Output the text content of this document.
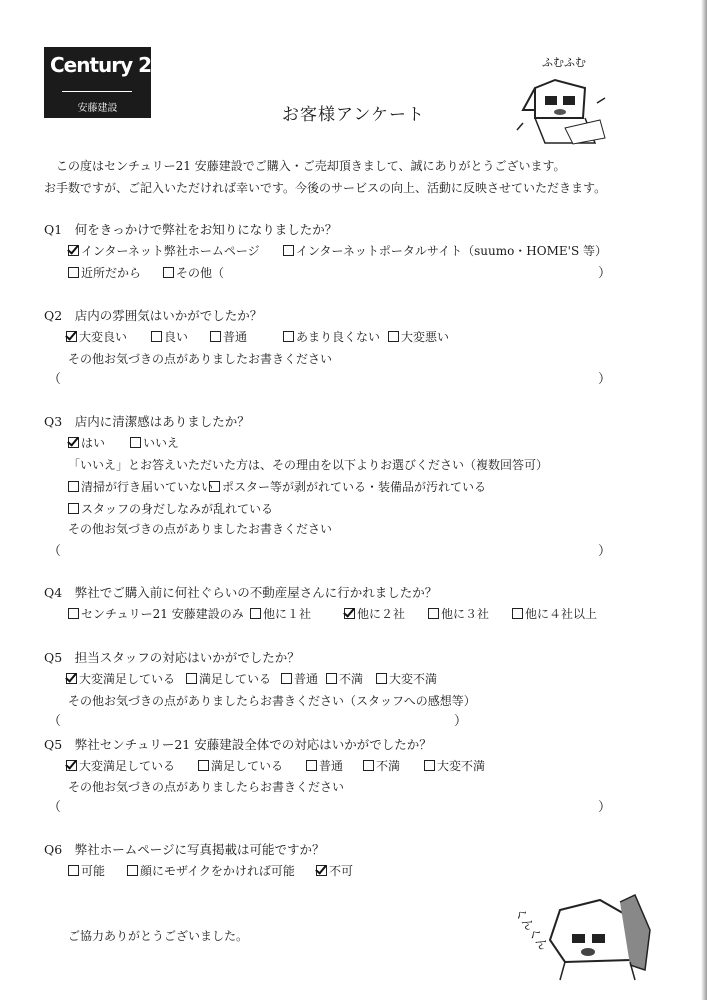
Century 21
安藤建設	お客様アンケート
ふむふむ
この度はセンチュリー21 安藤建設でご購入・ご売却頂きまして、誠にありがとうございます。
お手数ですが、ご記入いただければ幸いです。今後のサービスの向上、活動に反映させていただきます。
Q1　何をきっかけで弊社をお知りになりましたか？
インターネット弊社ホームページ	インターネットポータルサイト（suumo・HOME'S 等）
近所だから	その他（	）
Q2　店内の雰囲気はいかがでしたか？
大変良い	良い	普通	あまり良くない	大変悪い
その他お気づきの点がありましたお書きください
（	）
Q3　店内に清潔感はありましたか？
はい	いいえ
「いいえ」とお答えいただいた方は、その理由を以下よりお選びください（複数回答可）
清掃が行き届いていない ポスター等が剥がれている・装備品が汚れている
スタッフの身だしなみが乱れている
その他お気づきの点がありましたお書きください
（	）
Q4　弊社でご購入前に何社ぐらいの不動産屋さんに行かれましたか？
センチュリー21 安藤建設のみ	他に１社	他に２社	他に３社	他に４社以上
Q5　担当スタッフの対応はいかがでしたか？
大変満足している	満足している	普通	不満	大変不満
その他お気づきの点がありましたらお書きください（スタッフへの感想等）
（	）
Q5　弊社センチュリー21 安藤建設全体での対応はいかがでしたか？
大変満足している	満足している	普通	不満	大変不満
その他お気づきの点がありましたらお書きください
（	）
Q6　弊社ホームページに写真掲載は可能ですか？
可能	顔にモザイクをかければ可能	不可
ご協力ありがとうございました。	くんくん
